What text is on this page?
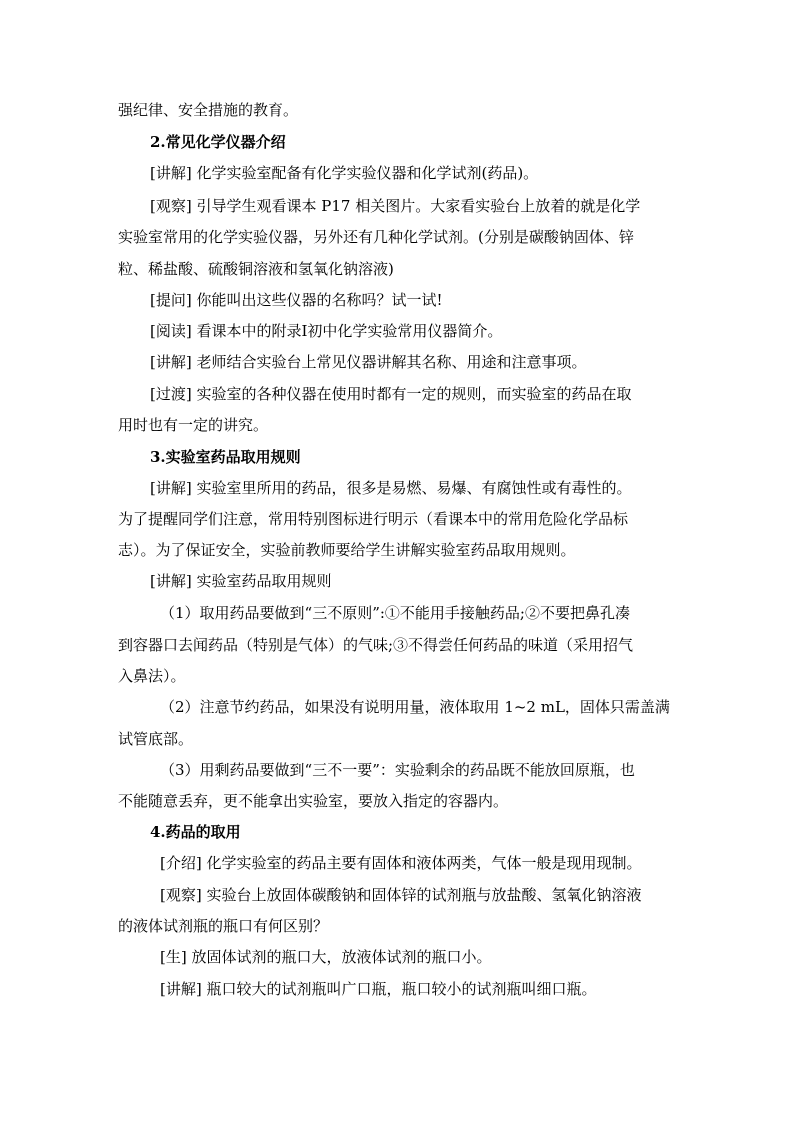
强纪律、安全措施的教育。
2.常见化学仪器介绍
[讲解] 化学实验室配备有化学实验仪器和化学试剂(药品)。
[观察] 引导学生观看课本 P17 相关图片。大家看实验台上放着的就是化学
实验室常用的化学实验仪器，另外还有几种化学试剂。(分别是碳酸钠固体、锌
粒、稀盐酸、硫酸铜溶液和氢氧化钠溶液)
[提问] 你能叫出这些仪器的名称吗？试一试!
[阅读] 看课本中的附录Ⅰ初中化学实验常用仪器简介。
[讲解] 老师结合实验台上常见仪器讲解其名称、用途和注意事项。
[过渡] 实验室的各种仪器在使用时都有一定的规则，而实验室的药品在取
用时也有一定的讲究。
3.实验室药品取用规则
[讲解] 实验室里所用的药品，很多是易燃、易爆、有腐蚀性或有毒性的。
为了提醒同学们注意，常用特别图标进行明示（看课本中的常用危险化学品标
志）。为了保证安全，实验前教师要给学生讲解实验室药品取用规则。
[讲解] 实验室药品取用规则
（1）取用药品要做到“三不原则”:①不能用手接触药品;②不要把鼻孔凑
到容器口去闻药品（特别是气体）的气味;③不得尝任何药品的味道（采用招气
入鼻法）。
（2）注意节约药品，如果没有说明用量，液体取用 1~2 mL，固体只需盖满
试管底部。
（3）用剩药品要做到“三不一要”：实验剩余的药品既不能放回原瓶，也
不能随意丢弃，更不能拿出实验室，要放入指定的容器内。
4.药品的取用
[介绍] 化学实验室的药品主要有固体和液体两类，气体一般是现用现制。
[观察] 实验台上放固体碳酸钠和固体锌的试剂瓶与放盐酸、氢氧化钠溶液
的液体试剂瓶的瓶口有何区别？
[生] 放固体试剂的瓶口大，放液体试剂的瓶口小。
[讲解] 瓶口较大的试剂瓶叫广口瓶，瓶口较小的试剂瓶叫细口瓶。
